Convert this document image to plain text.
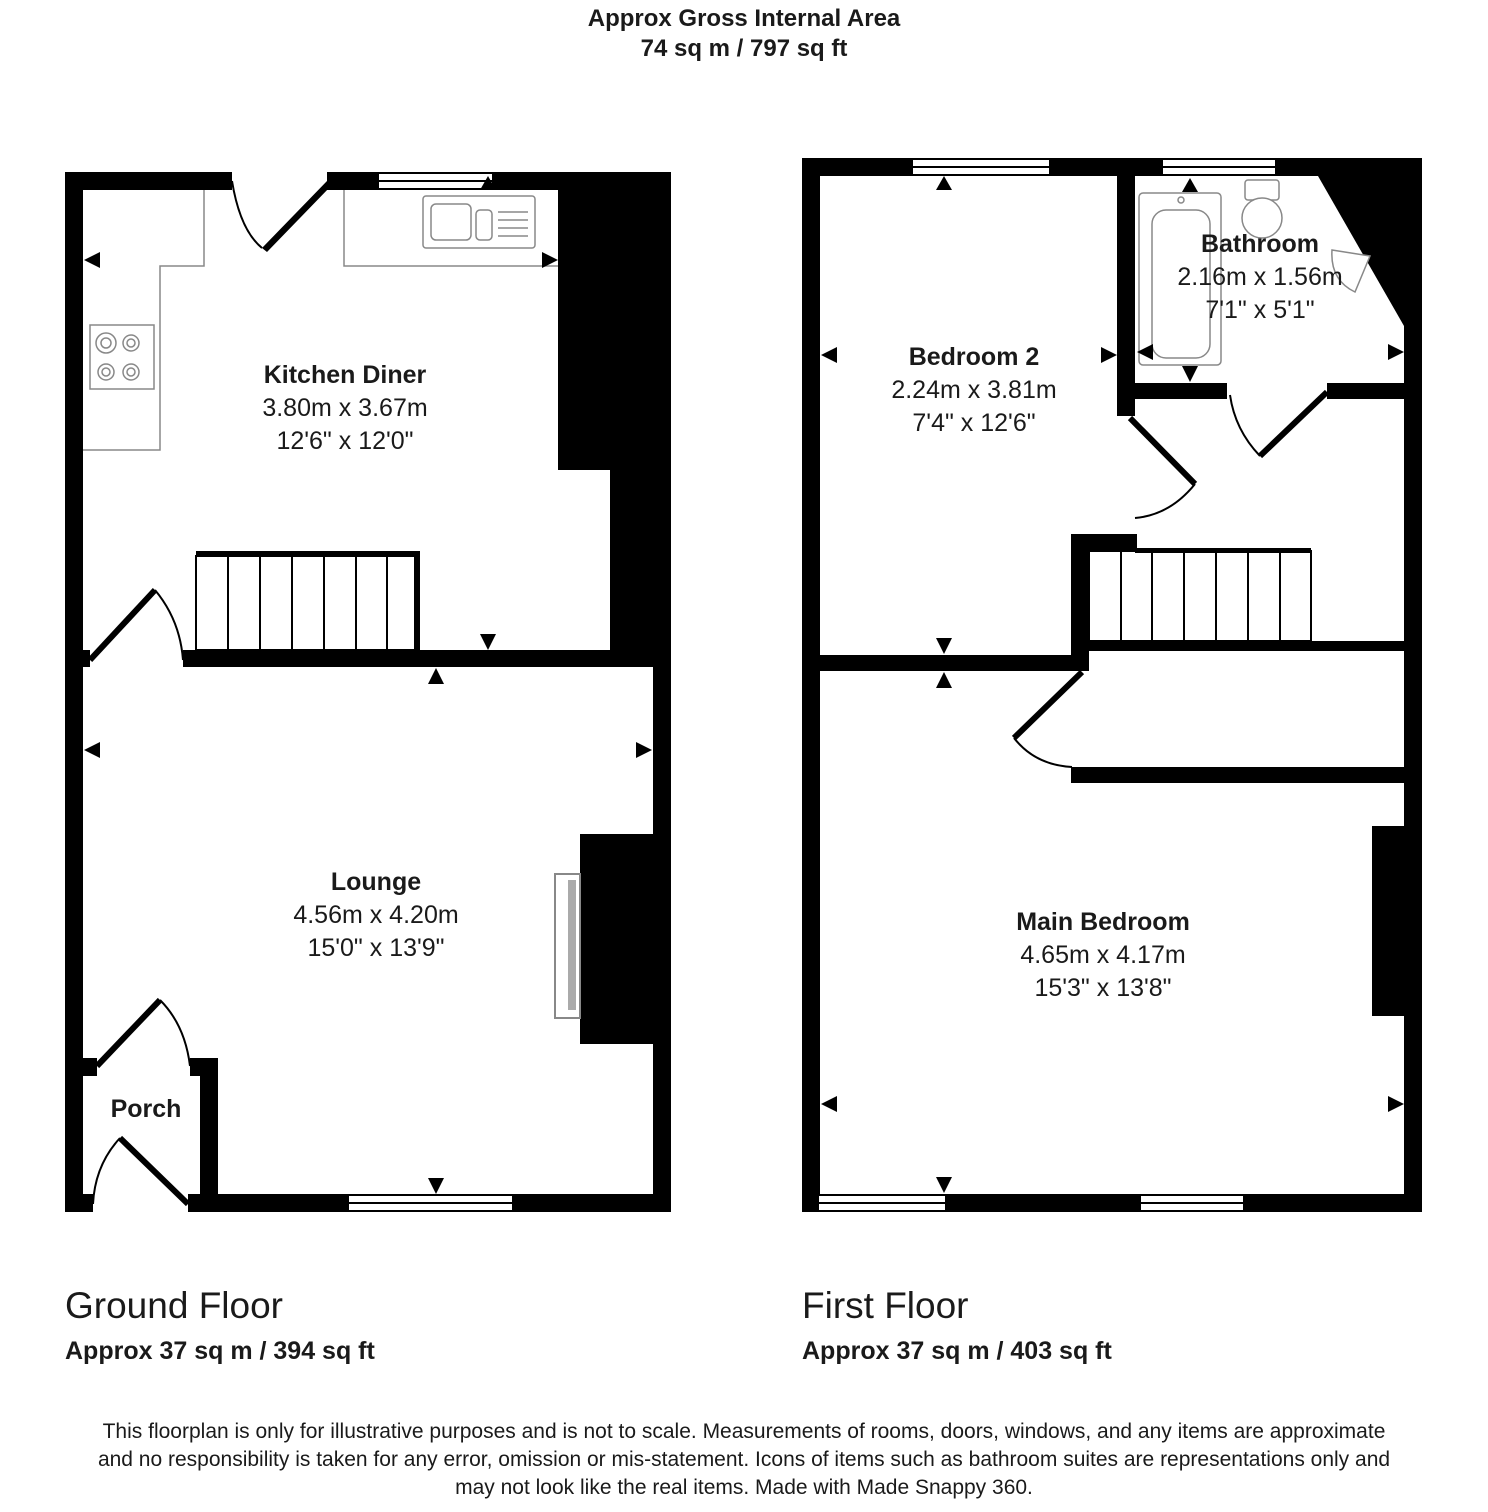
Approx Gross Internal Area
74 sq m / 797 sq ft
Kitchen Diner
3.80m x 3.67m
12'6" x 12'0"
Lounge
4.56m x 4.20m
15'0" x 13'9"
Porch
Bedroom 2
2.24m x 3.81m
7'4" x 12'6"
Bathroom
2.16m x 1.56m
7'1" x 5'1"
Main Bedroom
4.65m x 4.17m
15'3" x 13'8"
Ground Floor
Approx 37 sq m / 394 sq ft
First Floor
Approx 37 sq m / 403 sq ft
This floorplan is only for illustrative purposes and is not to scale. Measurements of rooms, doors, windows, and any items are approximate
and no responsibility is taken for any error, omission or mis-statement. Icons of items such as bathroom suites are representations only and
may not look like the real items. Made with Made Snappy 360.
